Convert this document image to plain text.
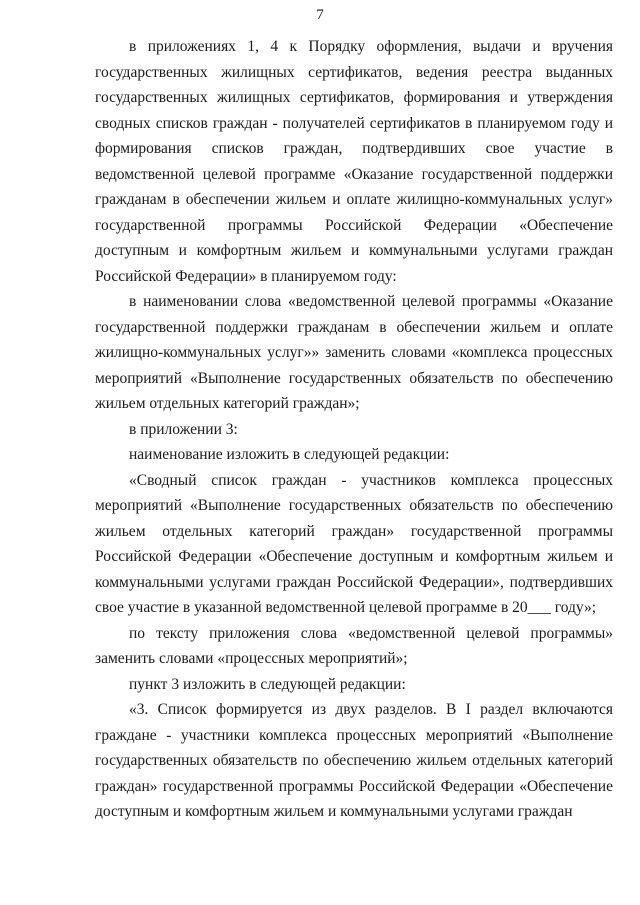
7

в приложениях 1, 4 к Порядку оформления, выдачи и вручения государственных жилищных сертификатов, ведения реестра выданных государственных жилищных сертификатов, формирования и утверждения сводных списков граждан - получателей сертификатов в планируемом году и формирования списков граждан, подтвердивших свое участие в ведомственной целевой программе «Оказание государственной поддержки гражданам в обеспечении жильем и оплате жилищно-коммунальных услуг» государственной программы Российской Федерации «Обеспечение доступным и комфортным жильем и коммунальными услугами граждан Российской Федерации» в планируемом году:

в наименовании слова «ведомственной целевой программы «Оказание государственной поддержки гражданам в обеспечении жильем и оплате жилищно-коммунальных услуг»» заменить словами «комплекса процессных мероприятий «Выполнение государственных обязательств по обеспечению жильем отдельных категорий граждан»;

в приложении 3:

наименование изложить в следующей редакции:

«Сводный список граждан - участников комплекса процессных мероприятий «Выполнение государственных обязательств по обеспечению жильем отдельных категорий граждан» государственной программы Российской Федерации «Обеспечение доступным и комфортным жильем и коммунальными услугами граждан Российской Федерации», подтвердивших свое участие в указанной ведомственной целевой программе в 20___ году»;

по тексту приложения слова «ведомственной целевой программы» заменить словами «процессных мероприятий»;

пункт 3 изложить в следующей редакции:

«3. Список формируется из двух разделов. В I раздел включаются граждане - участники комплекса процессных мероприятий «Выполнение государственных обязательств по обеспечению жильем отдельных категорий граждан» государственной программы Российской Федерации «Обеспечение доступным и комфортным жильем и коммунальными услугами граждан
